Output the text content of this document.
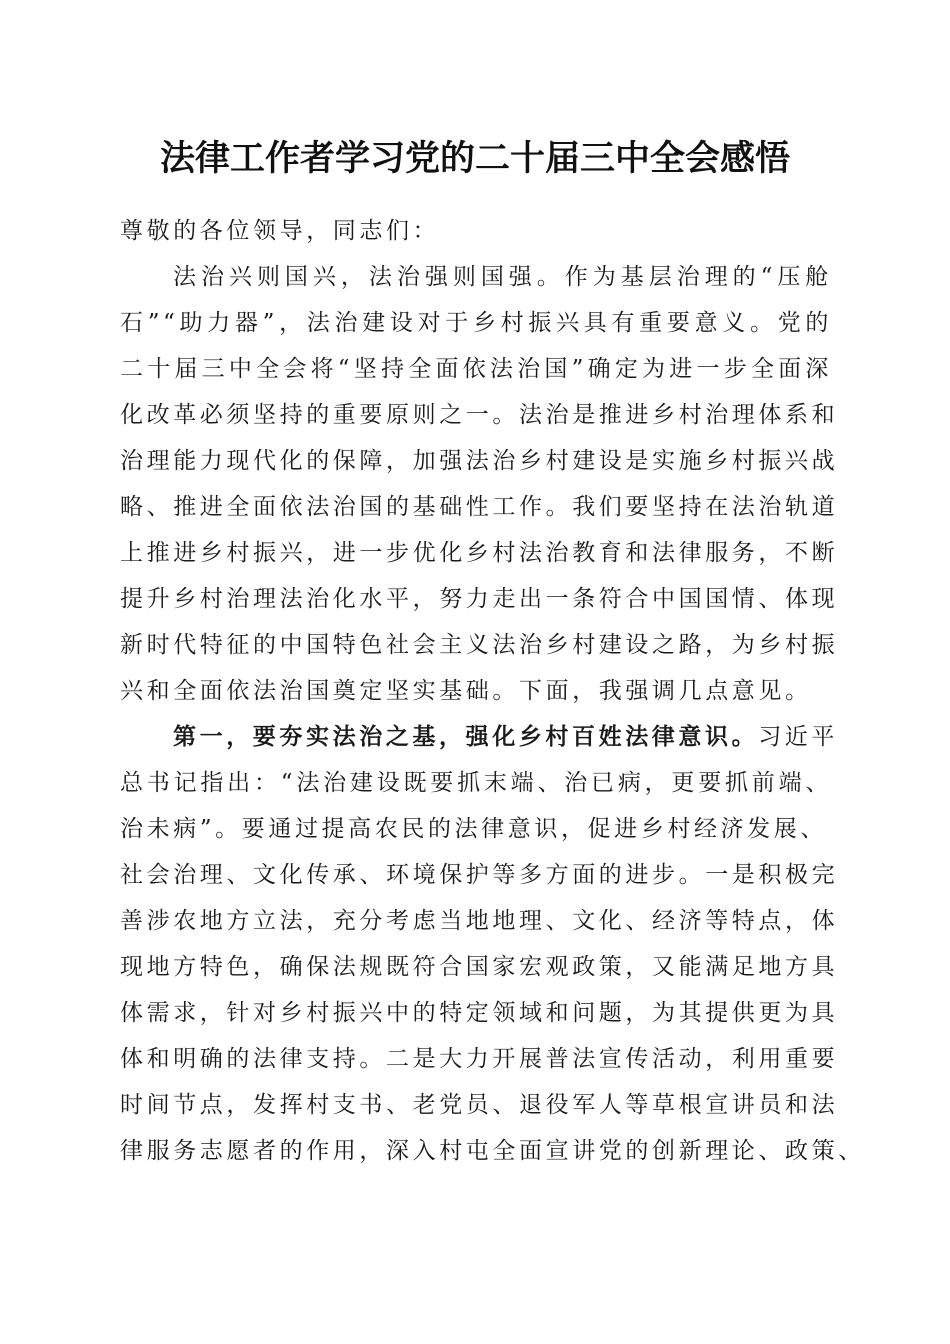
法律工作者学习党的二十届三中全会感悟
尊敬的各位领导，同志们：
法治兴则国兴，法治强则国强。作为基层治理的“压舱
石”“助力器”，法治建设对于乡村振兴具有重要意义。党的
二十届三中全会将“坚持全面依法治国”确定为进一步全面深
化改革必须坚持的重要原则之一。法治是推进乡村治理体系和
治理能力现代化的保障，加强法治乡村建设是实施乡村振兴战
略、推进全面依法治国的基础性工作。我们要坚持在法治轨道
上推进乡村振兴，进一步优化乡村法治教育和法律服务，不断
提升乡村治理法治化水平，努力走出一条符合中国国情、体现
新时代特征的中国特色社会主义法治乡村建设之路，为乡村振
兴和全面依法治国奠定坚实基础。下面，我强调几点意见。
第一，要夯实法治之基，强化乡村百姓法律意识。习近平
总书记指出：“法治建设既要抓末端、治已病，更要抓前端、
治未病”。要通过提高农民的法律意识，促进乡村经济发展、
社会治理、文化传承、环境保护等多方面的进步。一是积极完
善涉农地方立法，充分考虑当地地理、文化、经济等特点，体
现地方特色，确保法规既符合国家宏观政策，又能满足地方具
体需求，针对乡村振兴中的特定领域和问题，为其提供更为具
体和明确的法律支持。二是大力开展普法宣传活动，利用重要
时间节点，发挥村支书、老党员、退役军人等草根宣讲员和法
律服务志愿者的作用，深入村屯全面宣讲党的创新理论、政策、
